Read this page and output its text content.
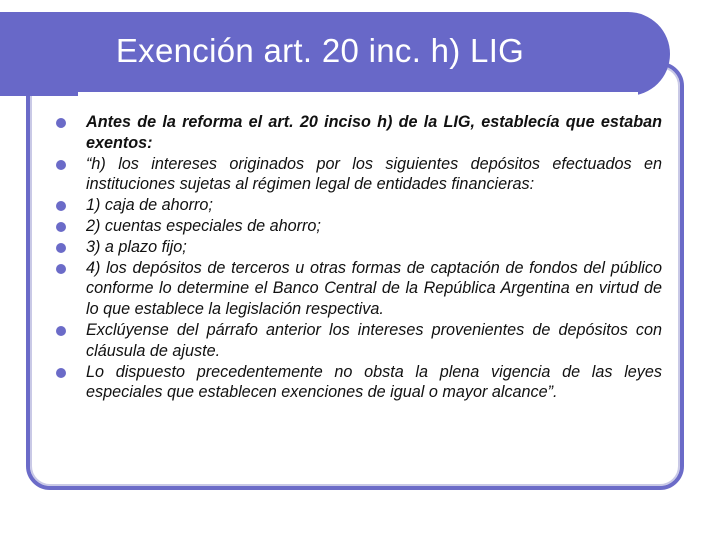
Exención art. 20 inc. h) LIG
Antes de la reforma el art. 20 inciso h) de la LIG, establecía que estaban exentos:
“h) los intereses originados por los siguientes depósitos efectuados en instituciones sujetas al régimen legal de entidades financieras:
1) caja de ahorro;
2) cuentas especiales de ahorro;
3) a plazo fijo;
4) los depósitos de terceros u otras formas de captación de fondos del público conforme lo determine el Banco Central de la República Argentina en virtud de lo que establece la legislación respectiva.
Exclúyense del párrafo anterior los intereses provenientes de depósitos con cláusula de ajuste.
Lo dispuesto precedentemente no obsta la plena vigencia de las leyes especiales que establecen exenciones de igual o mayor alcance”.
